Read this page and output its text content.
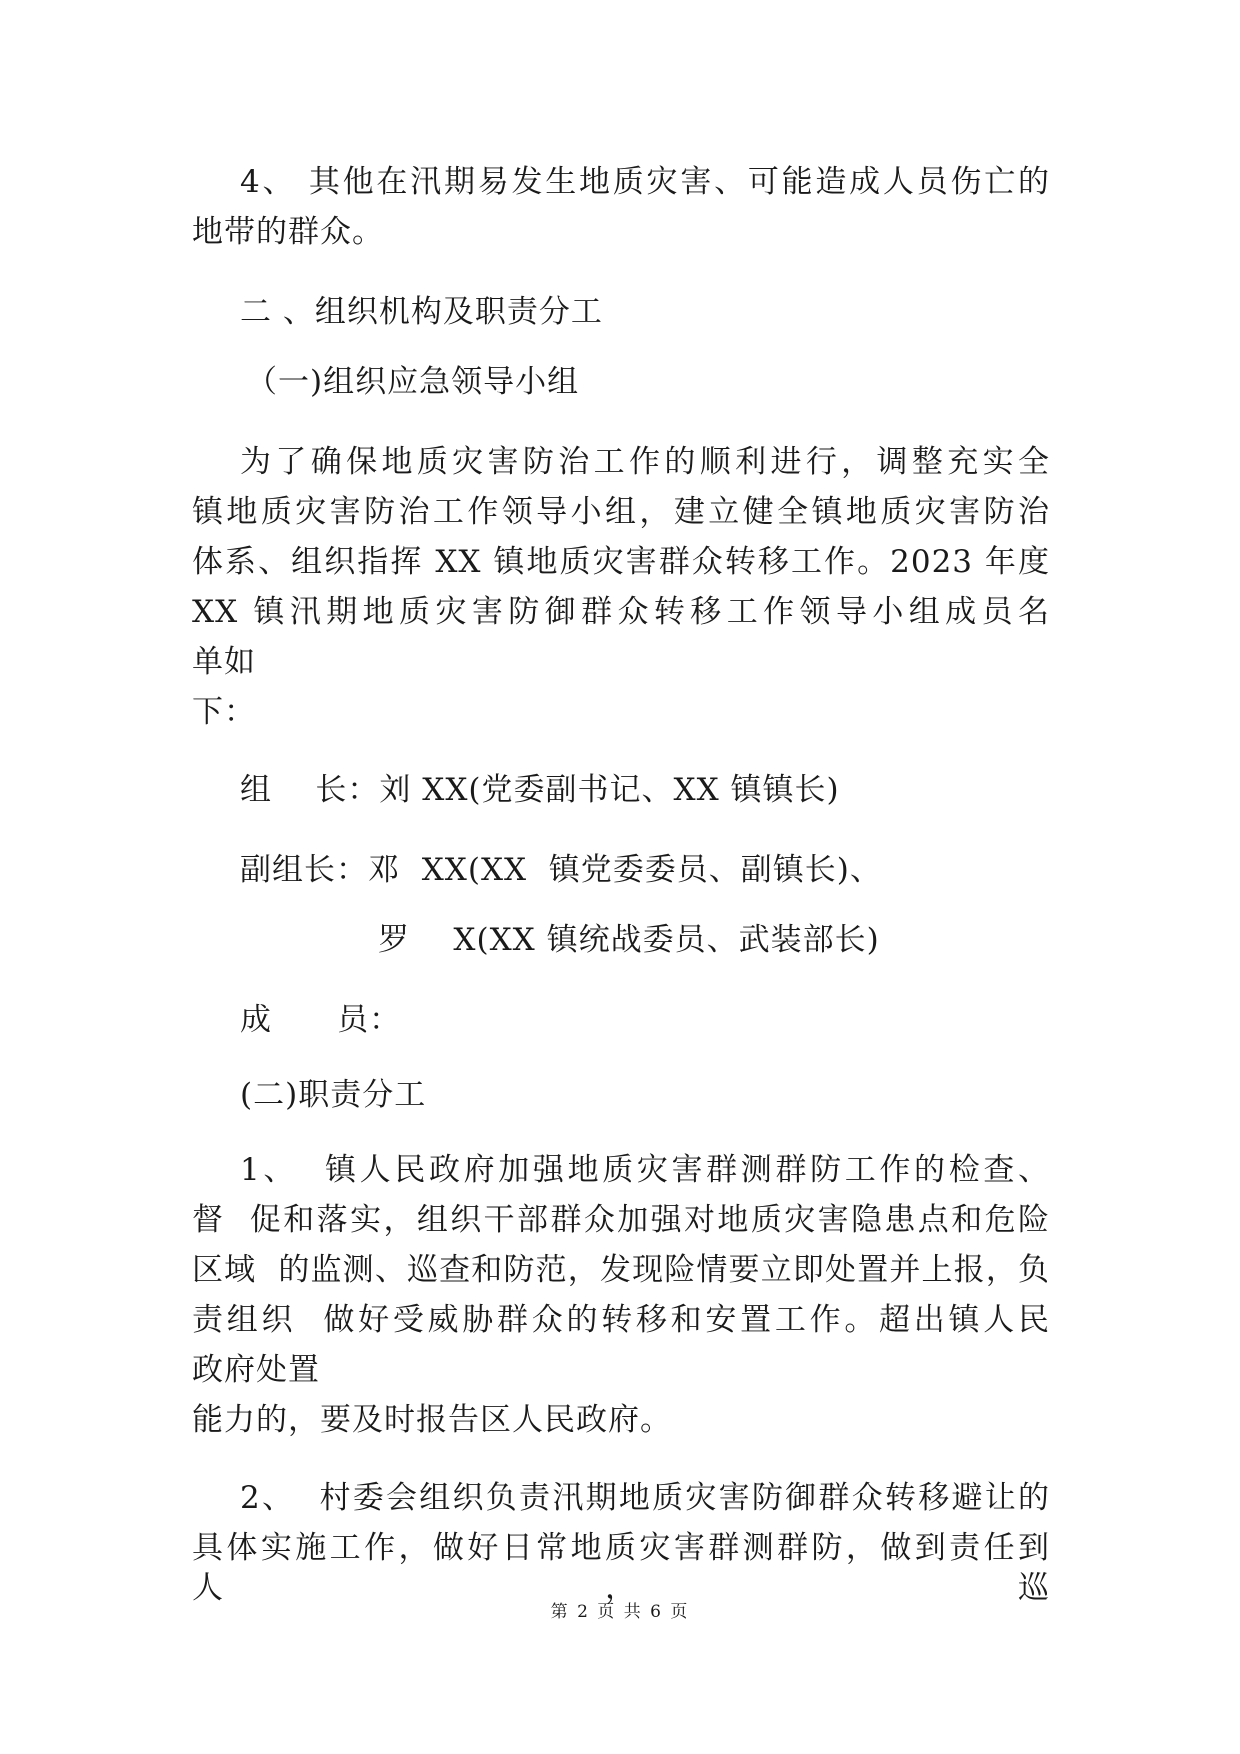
4、 其他在汛期易发生地质灾害、可能造成人员伤亡的
地带的群众。
二 、组织机构及职责分工
（一)组织应急领导小组
为了确保地质灾害防治工作的顺利进行，调整充实全
镇地质灾害防治工作领导小组，建立健全镇地质灾害防治
体系、组织指挥 XX 镇地质灾害群众转移工作。2023 年度
XX 镇汛期地质灾害防御群众转移工作领导小组成员名
单如
下：
组    长：刘 XX(党委副书记、XX 镇镇长)
副组长：邓  XX(XX  镇党委委员、副镇长)、
罗    X(XX 镇统战委员、武装部长)
成      员：
(二)职责分工
1、  镇人民政府加强地质灾害群测群防工作的检查、
督  促和落实，组织干部群众加强对地质灾害隐患点和危险
区域  的监测、巡查和防范，发现险情要立即处置并上报，负
责组织  做好受威胁群众的转移和安置工作。超出镇人民
政府处置
能力的，要及时报告区人民政府。
2、  村委会组织负责汛期地质灾害防御群众转移避让的
具体实施工作，做好日常地质灾害群测群防，做到责任到人，巡
第 2 页 共 6 页
